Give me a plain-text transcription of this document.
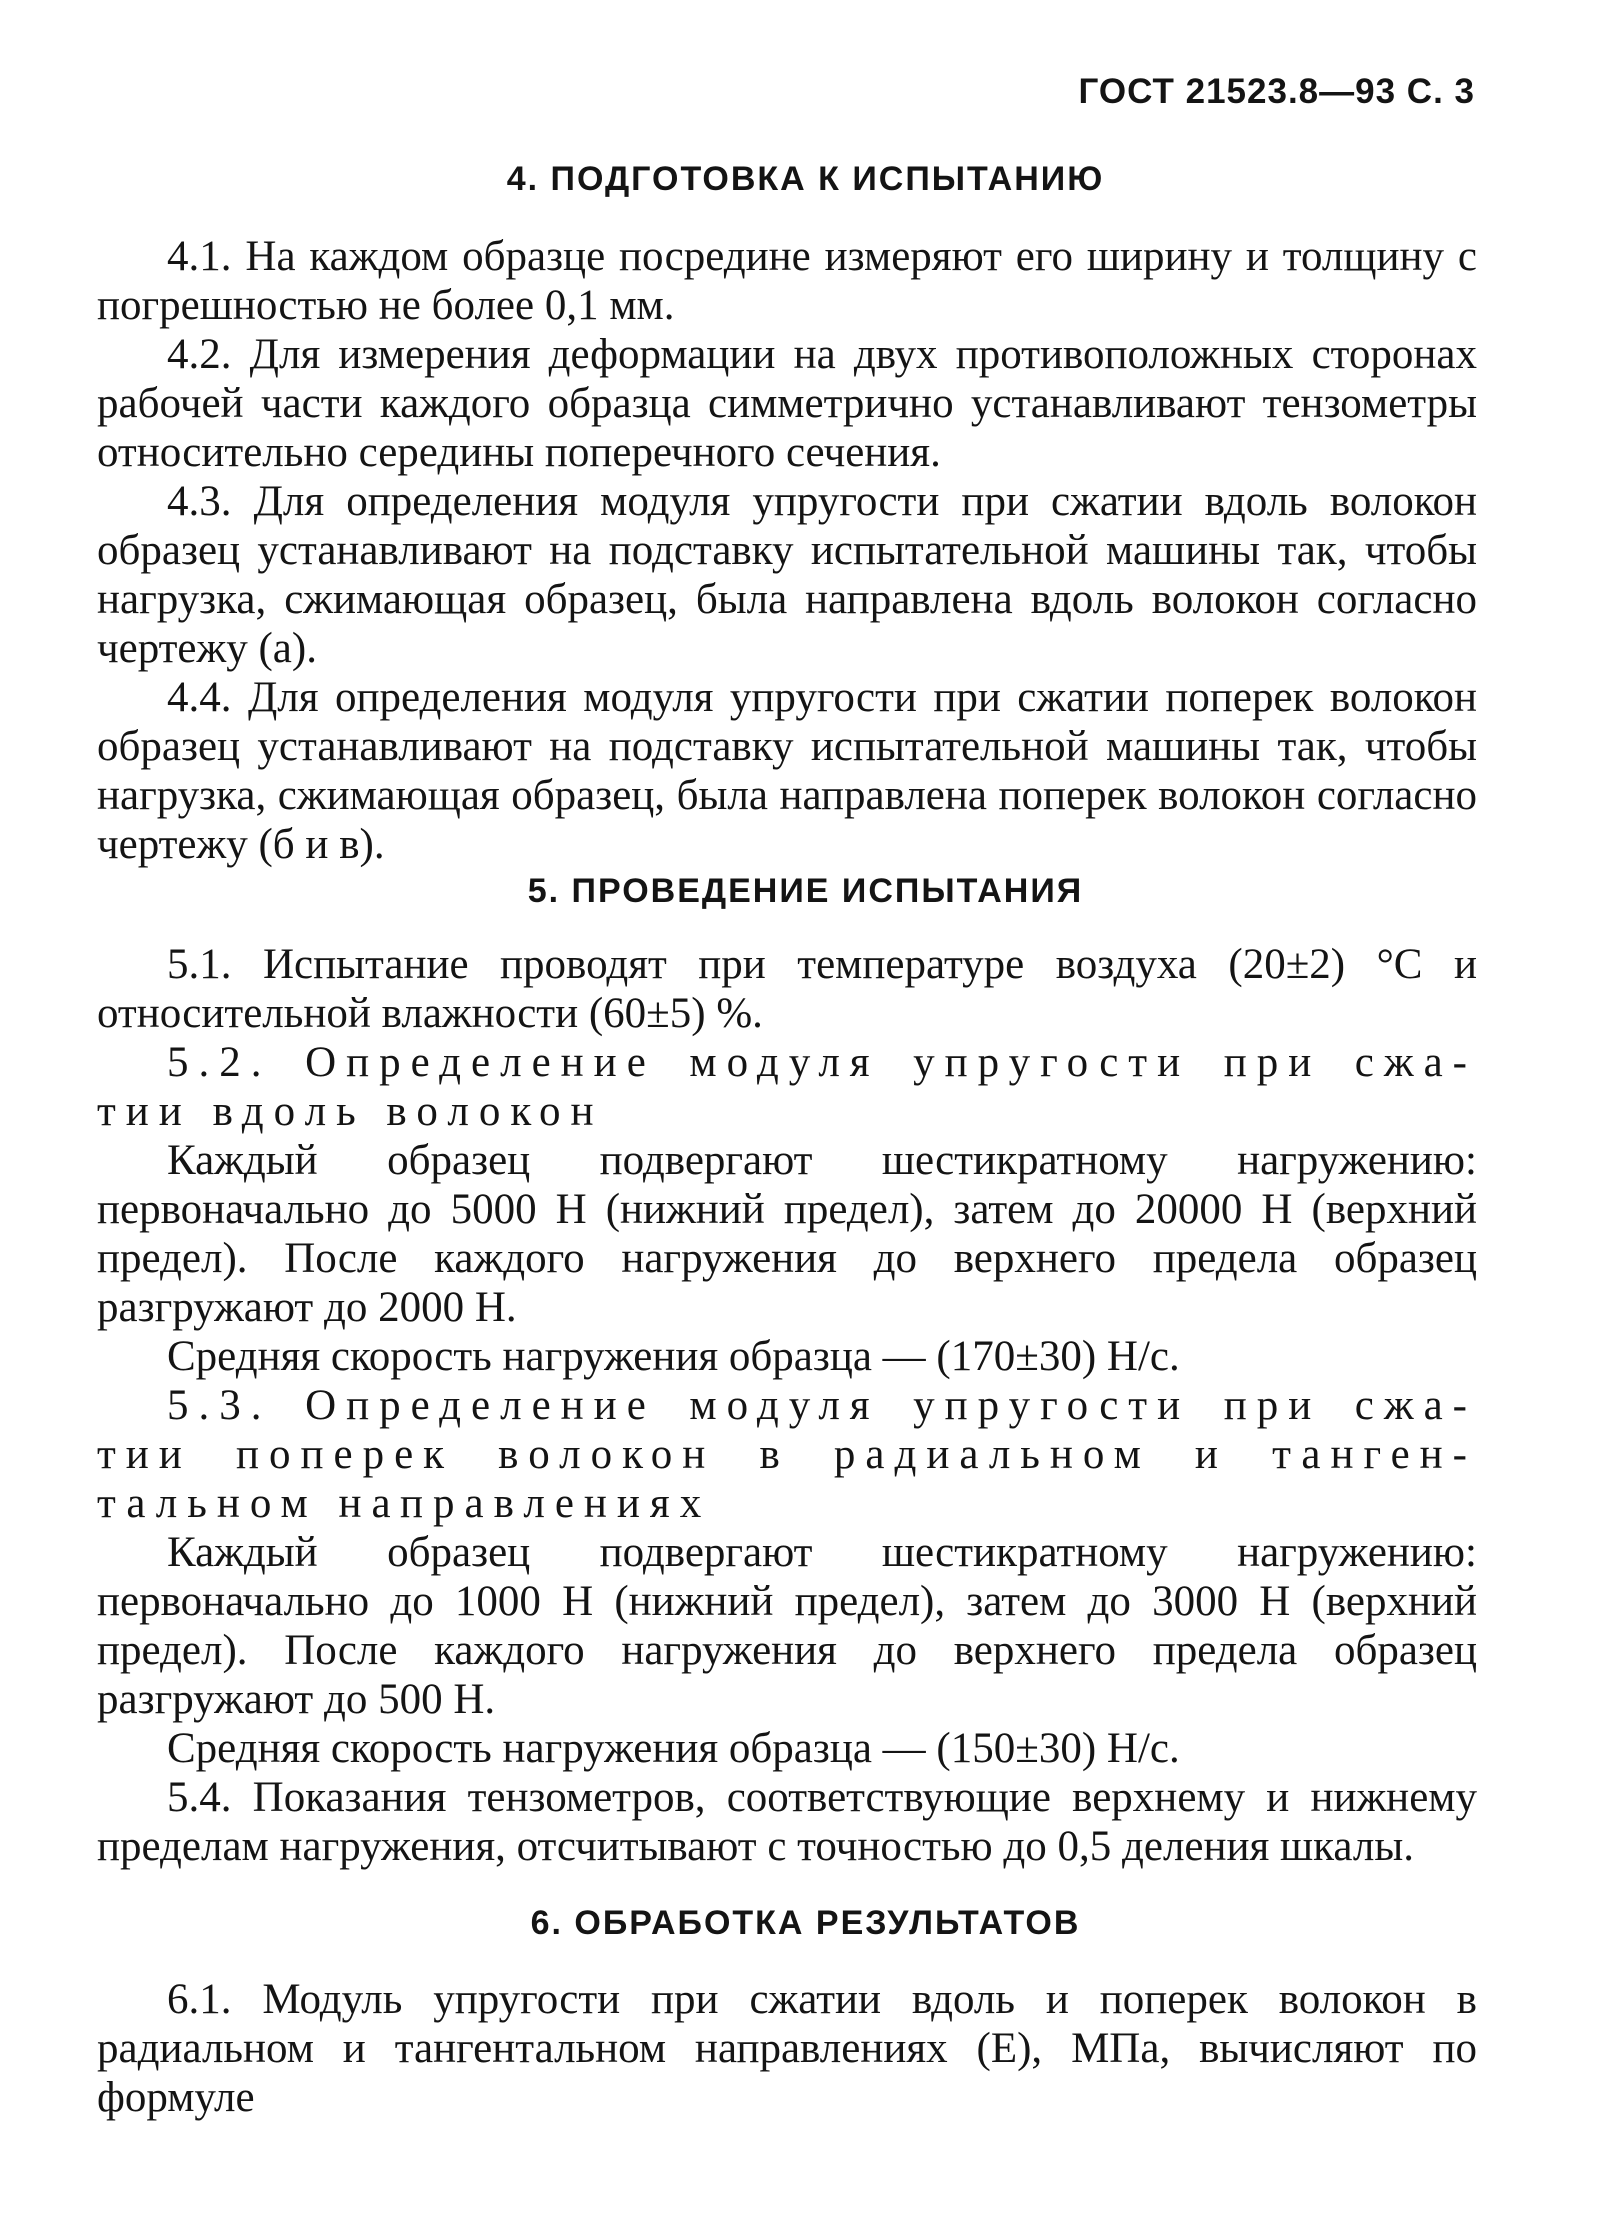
ГОСТ 21523.8—93 С. 3
4. ПОДГОТОВКА К ИСПЫТАНИЮ

4.1. На каждом образце посредине измеряют его ширину и толщину с погрешностью не более 0,1 мм.

4.2. Для измерения деформации на двух противоположных сторонах рабочей части каждого образца симметрично устанавливают тензометры относительно середины поперечного сечения.

4.3. Для определения модуля упругости при сжатии вдоль волокон образец устанавливают на подставку испытательной машины так, чтобы нагрузка, сжимающая образец, была направлена вдоль волокон согласно чертежу (а).

4.4. Для определения модуля упругости при сжатии поперек волокон образец устанавливают на подставку испытательной машины так, чтобы нагрузка, сжимающая образец, была направлена поперек волокон согласно чертежу (б и в).

5. ПРОВЕДЕНИЕ ИСПЫТАНИЯ

5.1. Испытание проводят при температуре воздуха (20±2) °С и относительной влажности (60±5) %.

5.2. Определение модуля упругости при сжа-

тии вдоль волокон

Каждый образец подвергают шестикратному нагружению: первоначально до 5000 Н (нижний предел), затем до 20000 Н (верхний предел). После каждого нагружения до верхнего предела образец разгружают до 2000 Н.

Средняя скорость нагружения образца — (170±30) Н/с.

5.3. Определение модуля упругости при сжа-

тии поперек волокон в радиальном и танген-

тальном направлениях

Каждый образец подвергают шестикратному нагружению: первоначально до 1000 Н (нижний предел), затем до 3000 Н (верхний предел). После каждого нагружения до верхнего предела образец разгружают до 500 Н.

Средняя скорость нагружения образца — (150±30) Н/с.

5.4. Показания тензометров, соответствующие верхнему и нижнему пределам нагружения, отсчитывают с точностью до 0,5 деления шкалы.

6. ОБРАБОТКА РЕЗУЛЬТАТОВ

6.1. Модуль упругости при сжатии вдоль и поперек волокон в радиальном и тангентальном направлениях (Е), МПа, вычисляют по формуле
